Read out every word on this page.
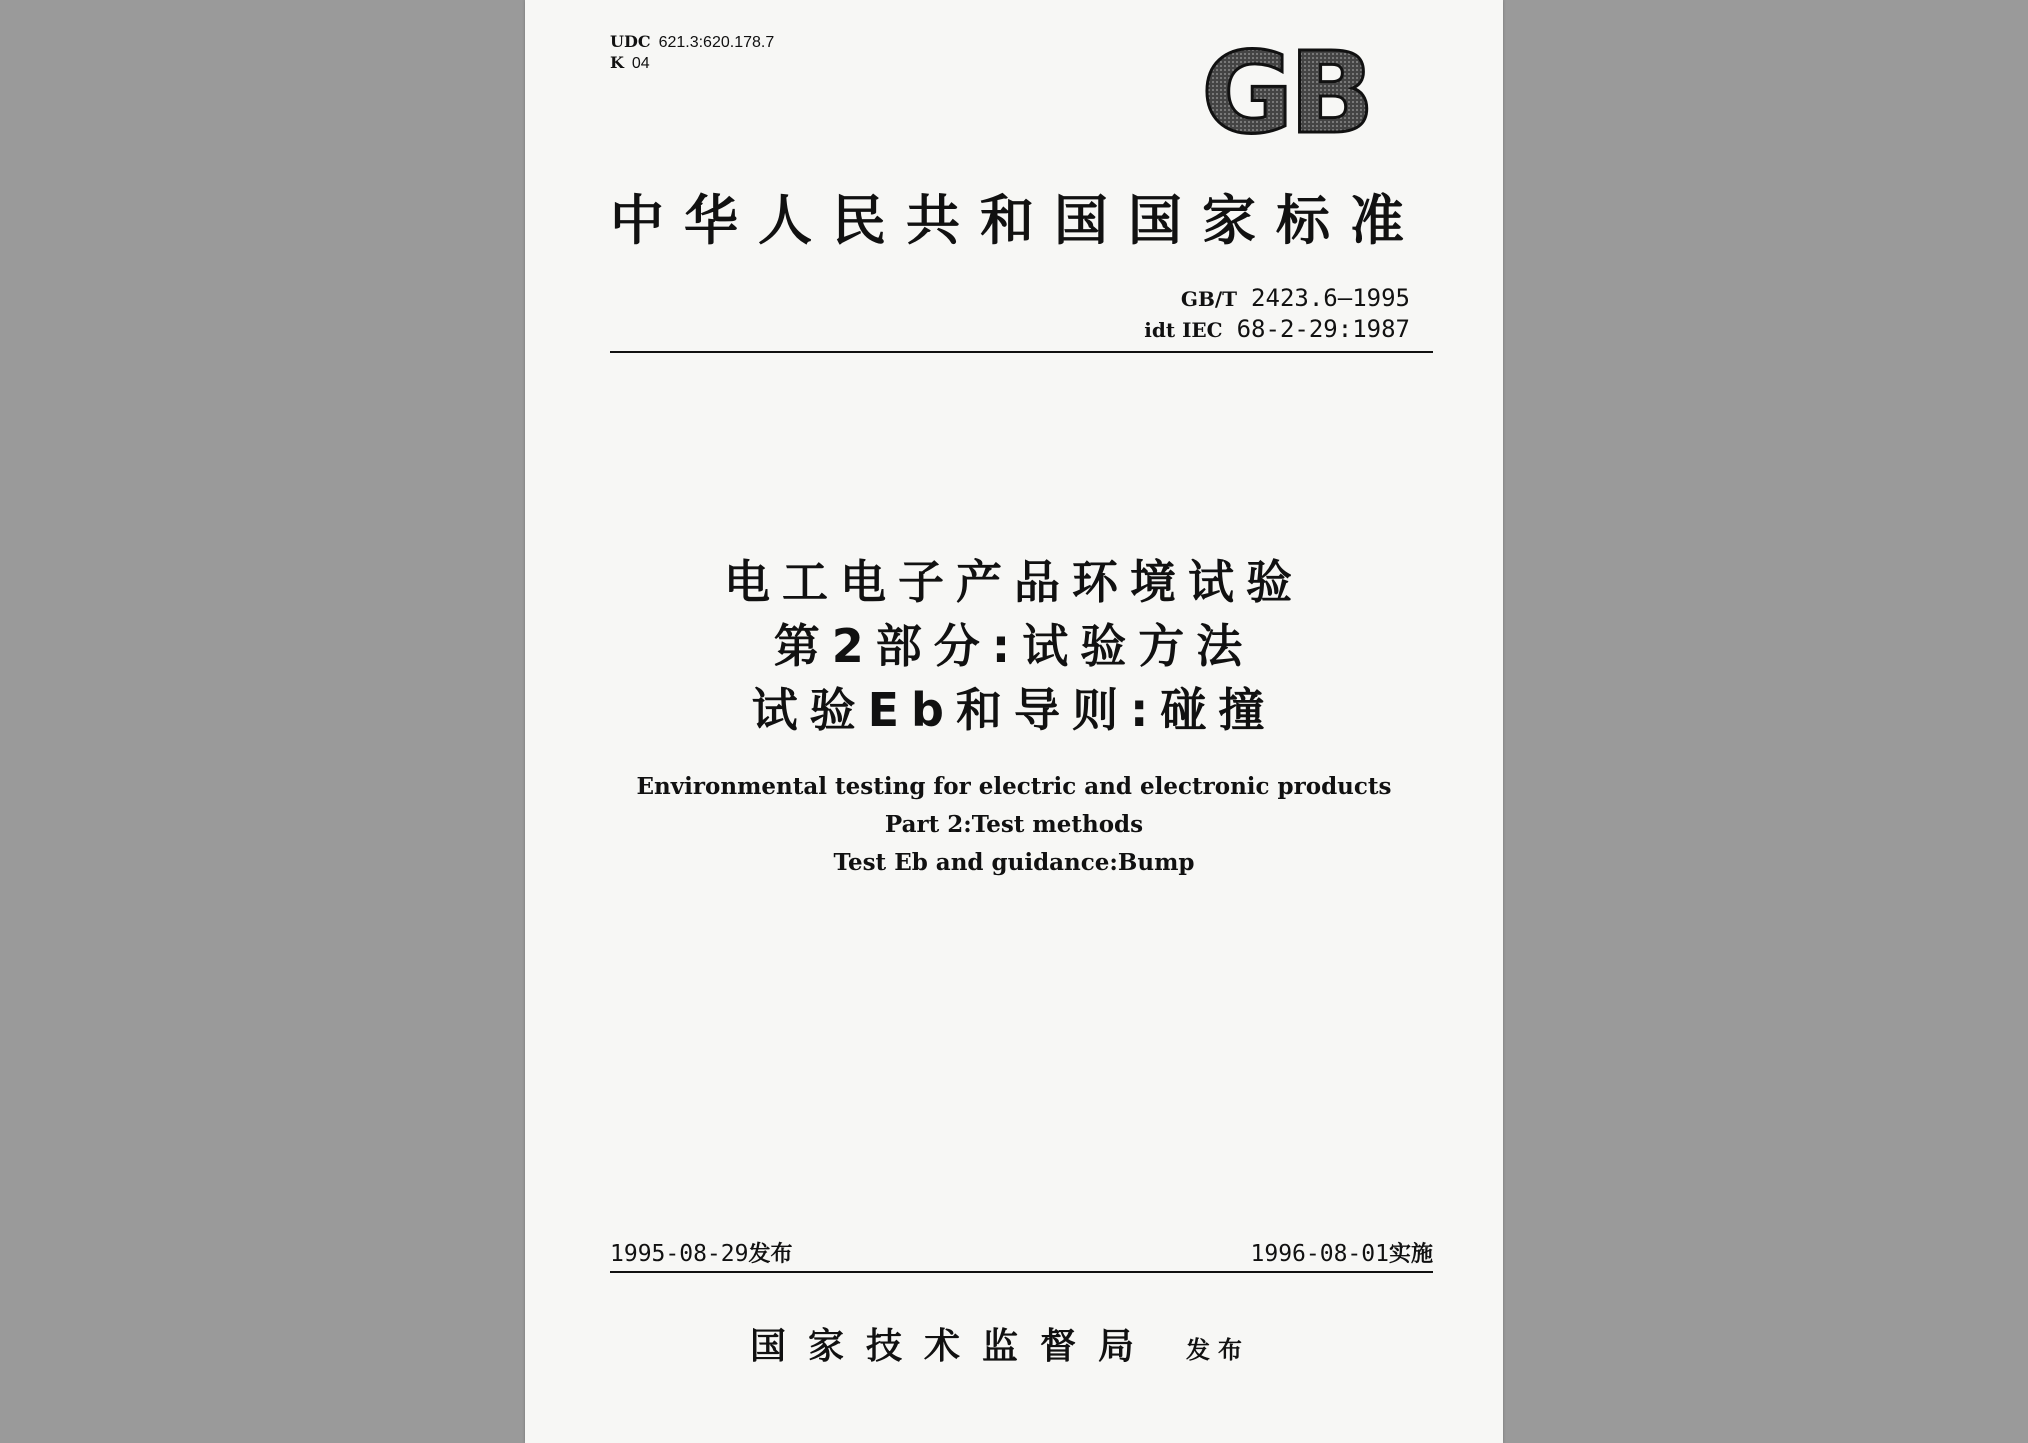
UDC 621.3:620.178.7
K 04	GB
中华人民共和国国家标准
GB/T 2423.6—1995
idt IEC 68-2-29:1987
电工电子产品环境试验
第2部分:试验方法
试验Eb和导则:碰撞
Environmental testing for electric and electronic products
Part 2:Test methods
Test Eb and guidance:Bump
1995-08-29发布	1996-08-01实施
国家技术监督局 发布
